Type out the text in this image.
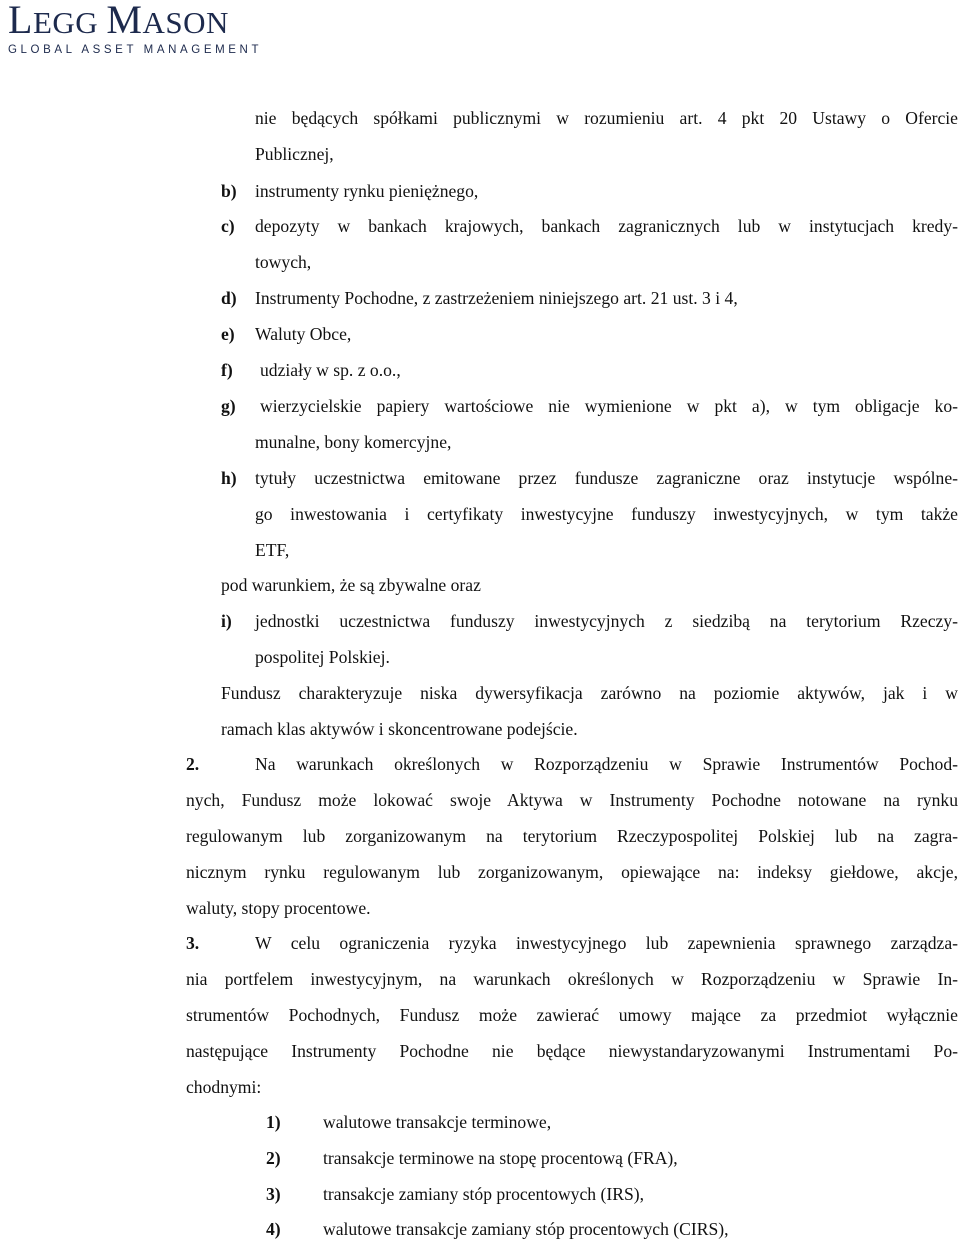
LEGG MASON
GLOBAL ASSET MANAGEMENT
nie będących spółkami publicznymi w rozumieniu art. 4 pkt 20 Ustawy o Ofercie
Publicznej,
b) instrumenty rynku pieniężnego,
c) depozyty w bankach krajowych, bankach zagranicznych lub w instytucjach kredy-
towych,
d) Instrumenty Pochodne, z zastrzeżeniem niniejszego art. 21 ust. 3 i 4,
e) Waluty Obce,
f) udziały w sp. z o.o.,
g) wierzycielskie papiery wartościowe nie wymienione w pkt a), w tym obligacje ko-
munalne, bony komercyjne,
h) tytuły uczestnictwa emitowane przez fundusze zagraniczne oraz instytucje wspólne-
go inwestowania i certyfikaty inwestycyjne funduszy inwestycyjnych, w tym także
ETF,
pod warunkiem, że są zbywalne oraz
i) jednostki uczestnictwa funduszy inwestycyjnych z siedzibą na terytorium Rzeczy-
pospolitej Polskiej.
Fundusz charakteryzuje niska dywersyfikacja zarówno na poziomie aktywów, jak i w
ramach klas aktywów i skoncentrowane podejście.
2.	Na warunkach określonych w Rozporządzeniu w Sprawie Instrumentów Pochod-
nych, Fundusz może lokować swoje Aktywa w Instrumenty Pochodne notowane na rynku
regulowanym lub zorganizowanym na terytorium Rzeczypospolitej Polskiej lub na zagra-
nicznym rynku regulowanym lub zorganizowanym, opiewające na: indeksy giełdowe, akcje,
waluty, stopy procentowe.
3.	W celu ograniczenia ryzyka inwestycyjnego lub zapewnienia sprawnego zarządza-
nia portfelem inwestycyjnym, na warunkach określonych w Rozporządzeniu w Sprawie In-
strumentów Pochodnych, Fundusz może zawierać umowy mające za przedmiot wyłącznie
następujące Instrumenty Pochodne nie będące niewystandaryzowanymi Instrumentami Po-
chodnymi:
1) walutowe transakcje terminowe,
2) transakcje terminowe na stopę procentową (FRA),
3) transakcje zamiany stóp procentowych (IRS),
4) walutowe transakcje zamiany stóp procentowych (CIRS),
